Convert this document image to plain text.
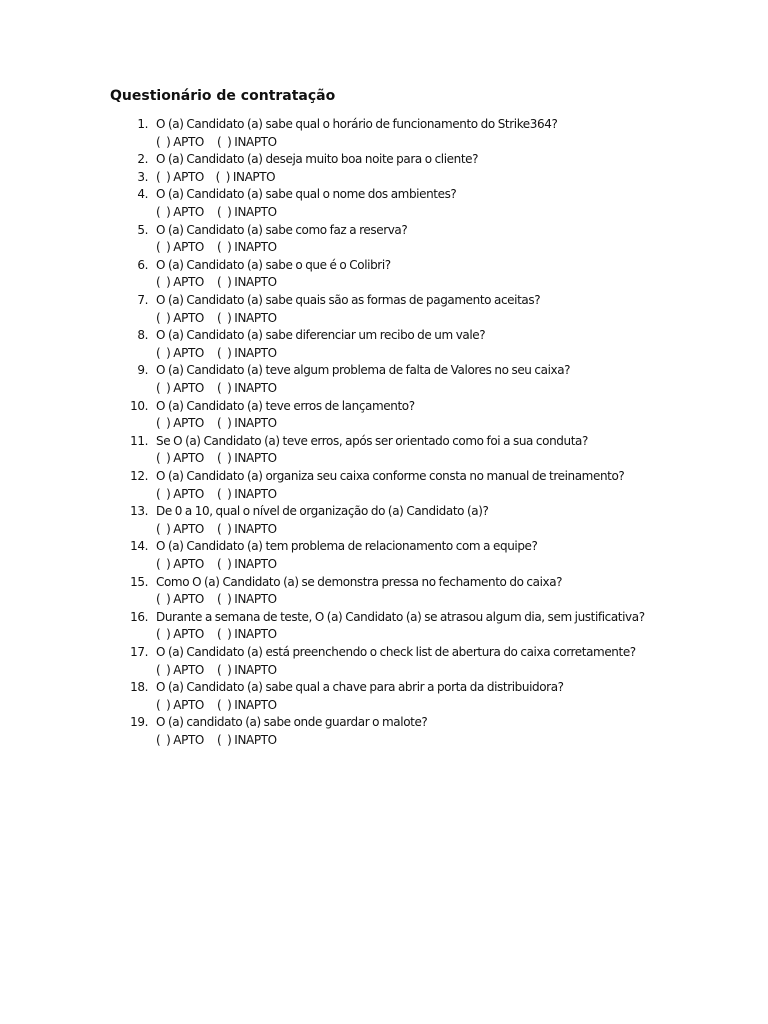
Questionário de contratação
1. O (a) Candidato (a) sabe qual o horário de funcionamento do Strike364?
(  ) APTO (  ) INAPTO
2. O (a) Candidato (a) deseja muito boa noite para o cliente?
3. (  ) APTO    (  ) INAPTO
4. O (a) Candidato (a) sabe qual o nome dos ambientes?
(  ) APTO (  ) INAPTO
5. O (a) Candidato (a) sabe como faz a reserva?
(  ) APTO (  ) INAPTO
6. O (a) Candidato (a) sabe o que é o Colibri?
(  ) APTO (  ) INAPTO
7. O (a) Candidato (a) sabe quais são as formas de pagamento aceitas?
(  ) APTO (  ) INAPTO
8. O (a) Candidato (a) sabe diferenciar um recibo de um vale?
(  ) APTO (  ) INAPTO
9. O (a) Candidato (a) teve algum problema de falta de Valores no seu caixa?
(  ) APTO (  ) INAPTO
10. O (a) Candidato (a) teve erros de lançamento?
(  ) APTO (  ) INAPTO
11. Se O (a) Candidato (a) teve erros, após ser orientado como foi a sua conduta?
(  ) APTO (  ) INAPTO
12. O (a) Candidato (a) organiza seu caixa conforme consta no manual de treinamento?
(  ) APTO (  ) INAPTO
13. De 0 a 10, qual o nível de organização do (a) Candidato (a)?
(  ) APTO (  ) INAPTO
14. O (a) Candidato (a) tem problema de relacionamento com a equipe?
(  ) APTO (  ) INAPTO
15. Como O (a) Candidato (a) se demonstra pressa no fechamento do caixa?
(  ) APTO (  ) INAPTO
16. Durante a semana de teste, O (a) Candidato (a) se atrasou algum dia, sem justificativa?
(  ) APTO (  ) INAPTO
17. O (a) Candidato (a) está preenchendo o check list de abertura do caixa corretamente?
(  ) APTO (  ) INAPTO
18. O (a) Candidato (a) sabe qual a chave para abrir a porta da distribuidora?
(  ) APTO (  ) INAPTO
19. O (a) candidato (a) sabe onde guardar o malote?
(  ) APTO (  ) INAPTO
